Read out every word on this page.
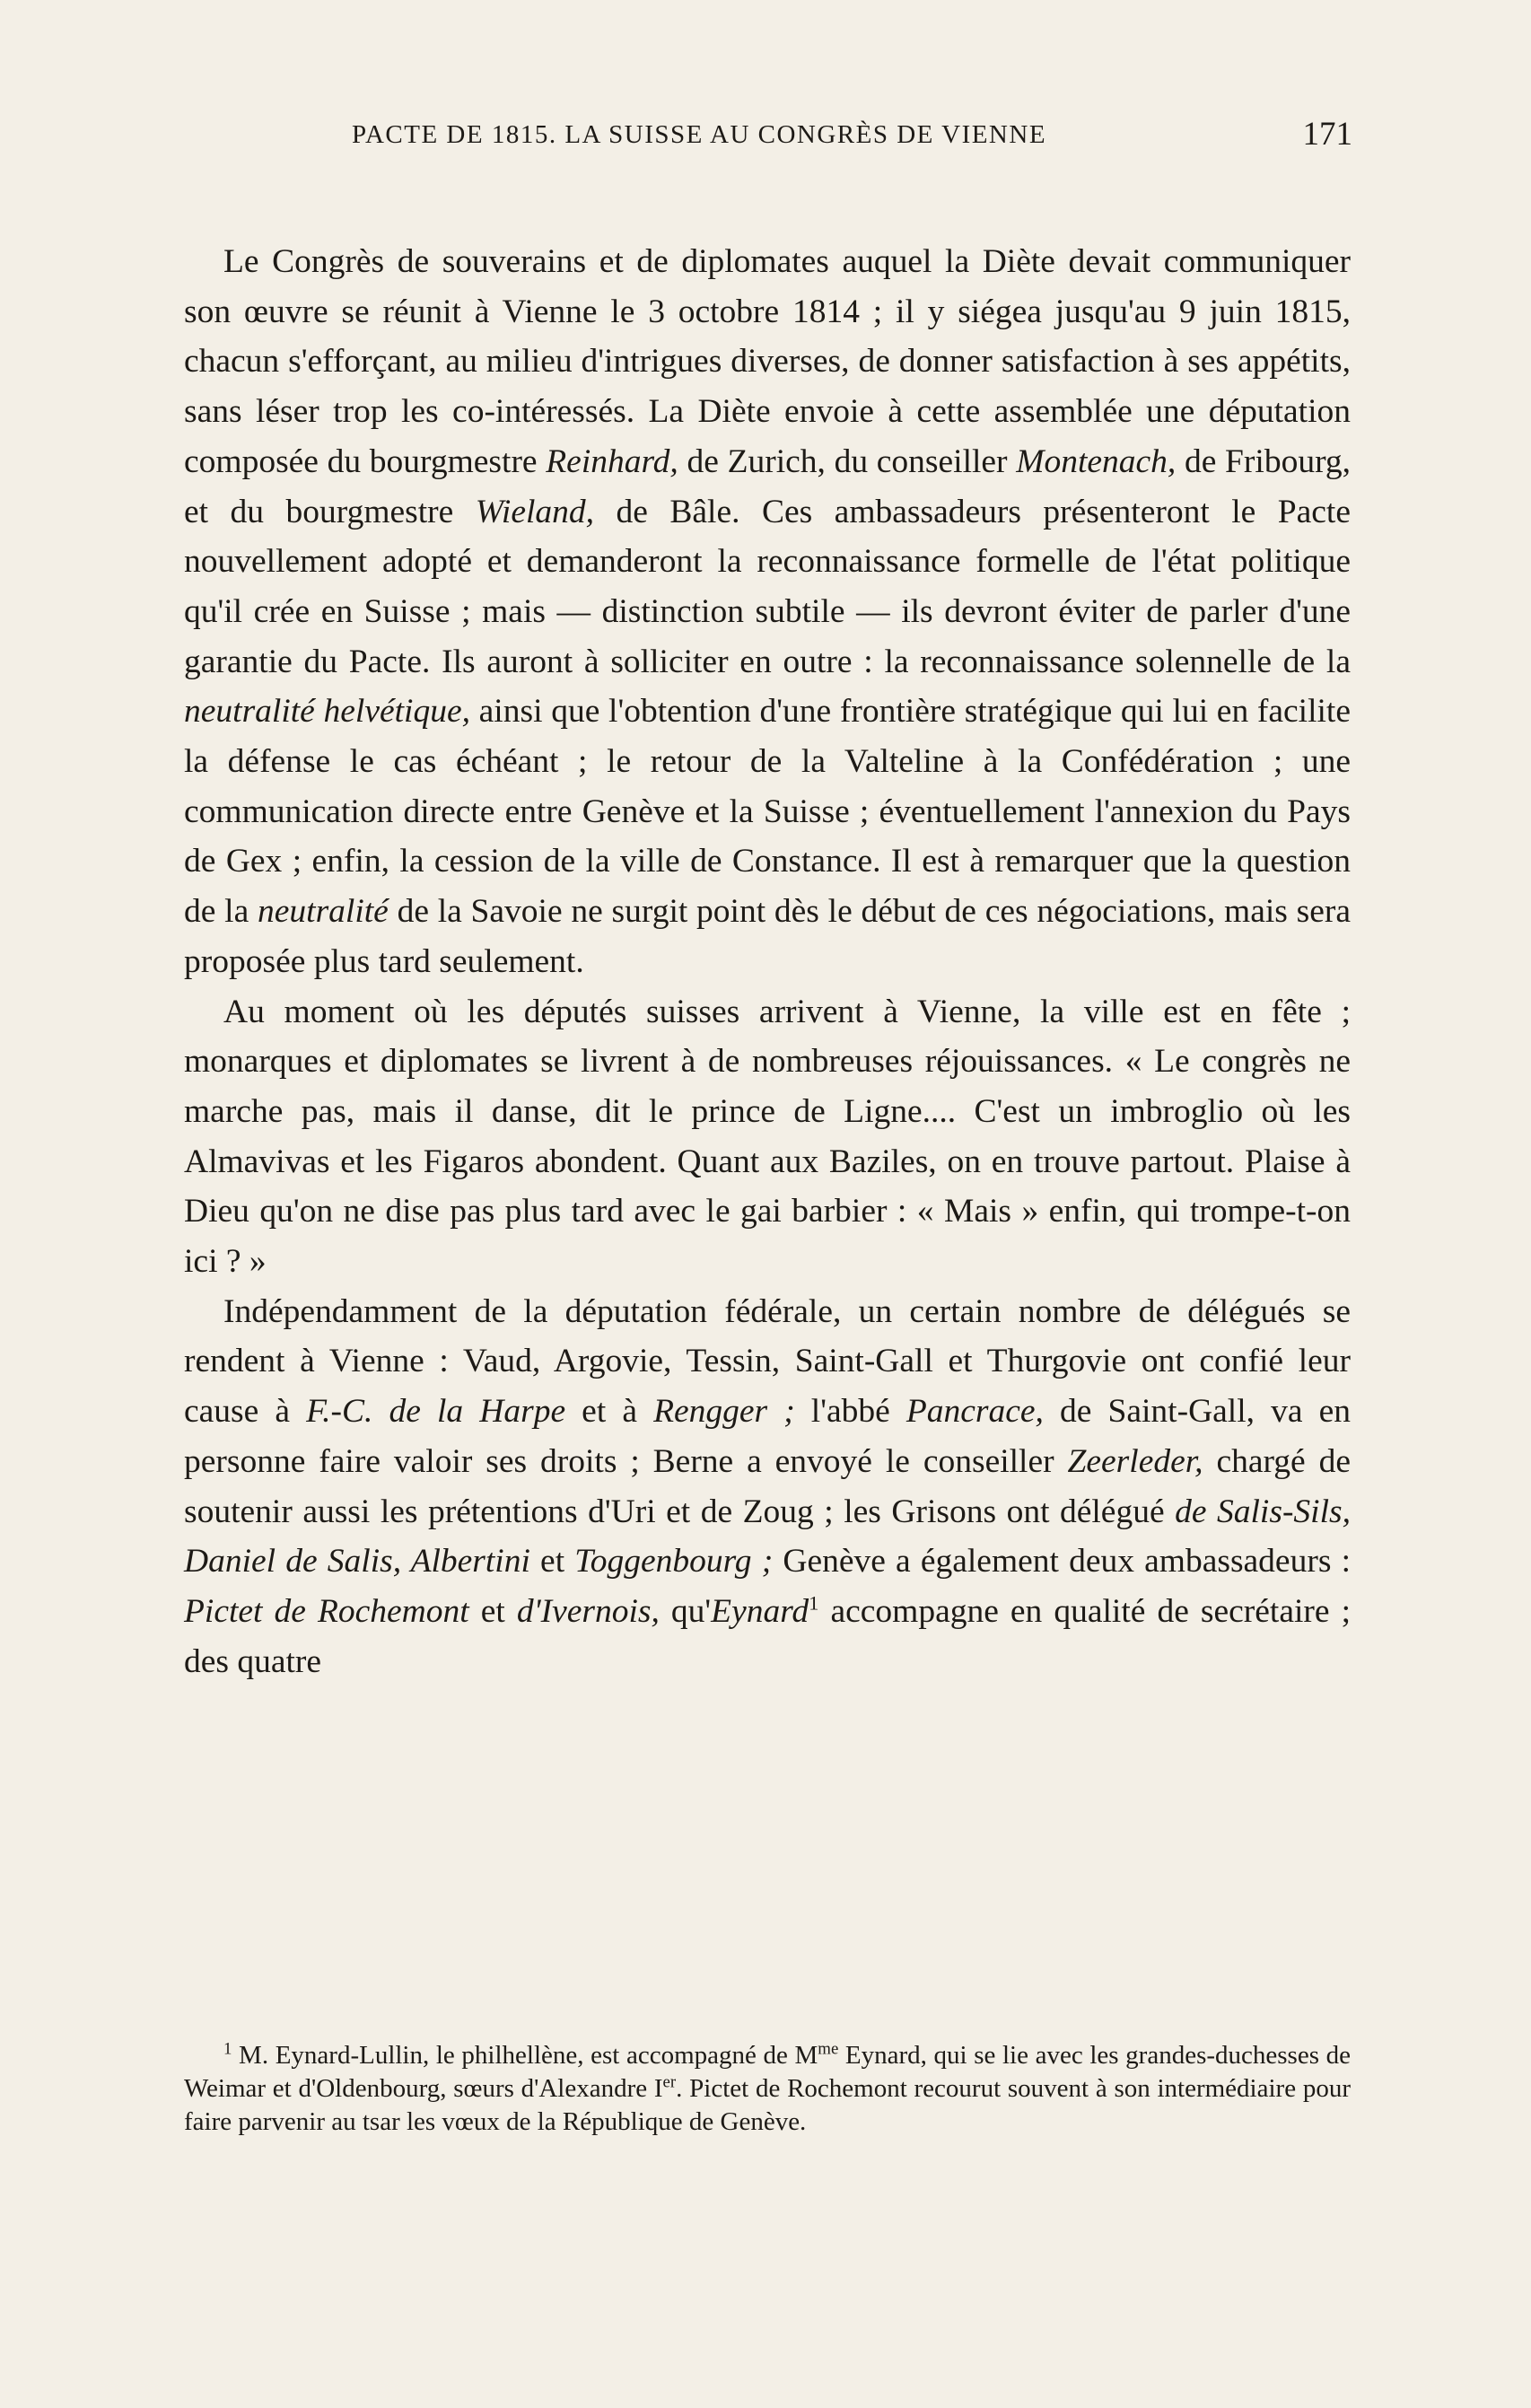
PACTE DE 1815. LA SUISSE AU CONGRÈS DE VIENNE	171

Le Congrès de souverains et de diplomates auquel la Diète devait communiquer son œuvre se réunit à Vienne le 3 octobre 1814 ; il y siégea jusqu'au 9 juin 1815, chacun s'efforçant, au milieu d'intrigues diverses, de donner satisfaction à ses appétits, sans léser trop les co-intéressés. La Diète envoie à cette assemblée une députation composée du bourgmestre Reinhard, de Zurich, du conseiller Montenach, de Fribourg, et du bourgmestre Wieland, de Bâle. Ces ambassadeurs présenteront le Pacte nouvellement adopté et demanderont la reconnaissance formelle de l'état politique qu'il crée en Suisse ; mais — distinction subtile — ils devront éviter de parler d'une garantie du Pacte. Ils auront à solliciter en outre : la reconnaissance solennelle de la neutralité helvétique, ainsi que l'obtention d'une frontière stratégique qui lui en facilite la défense le cas échéant ; le retour de la Valteline à la Confédération ; une communication directe entre Genève et la Suisse ; éventuellement l'annexion du Pays de Gex ; enfin, la cession de la ville de Constance. Il est à remarquer que la question de la neutralité de la Savoie ne surgit point dès le début de ces négociations, mais sera proposée plus tard seulement.

Au moment où les députés suisses arrivent à Vienne, la ville est en fête ; monarques et diplomates se livrent à de nombreuses réjouissances. « Le congrès ne marche pas, mais il danse, dit le prince de Ligne.... C'est un imbroglio où les Almavivas et les Figaros abondent. Quant aux Baziles, on en trouve partout. Plaise à Dieu qu'on ne dise pas plus tard avec le gai barbier : « Mais » enfin, qui trompe-t-on ici ? »

Indépendamment de la députation fédérale, un certain nombre de délégués se rendent à Vienne : Vaud, Argovie, Tessin, Saint-Gall et Thurgovie ont confié leur cause à F.-C. de la Harpe et à Rengger ; l'abbé Pancrace, de Saint-Gall, va en personne faire valoir ses droits ; Berne a envoyé le conseiller Zeerleder, chargé de soutenir aussi les prétentions d'Uri et de Zoug ; les Grisons ont délégué de Salis-Sils, Daniel de Salis, Albertini et Toggenbourg ; Genève a également deux ambassadeurs : Pictet de Rochemont et d'Ivernois, qu'Eynard$^1$ accompagne en qualité de secrétaire ; des quatre

$^1$ M. Eynard-Lullin, le philhellène, est accompagné de $M^{me}$ Eynard, qui se lie avec les grandes-duchesses de Weimar et d'Oldenbourg, sœurs d'Alexandre Ier. Pictet de Rochemont recourut souvent à son intermédiaire pour faire parvenir au tsar les vœux de la République de Genève.
